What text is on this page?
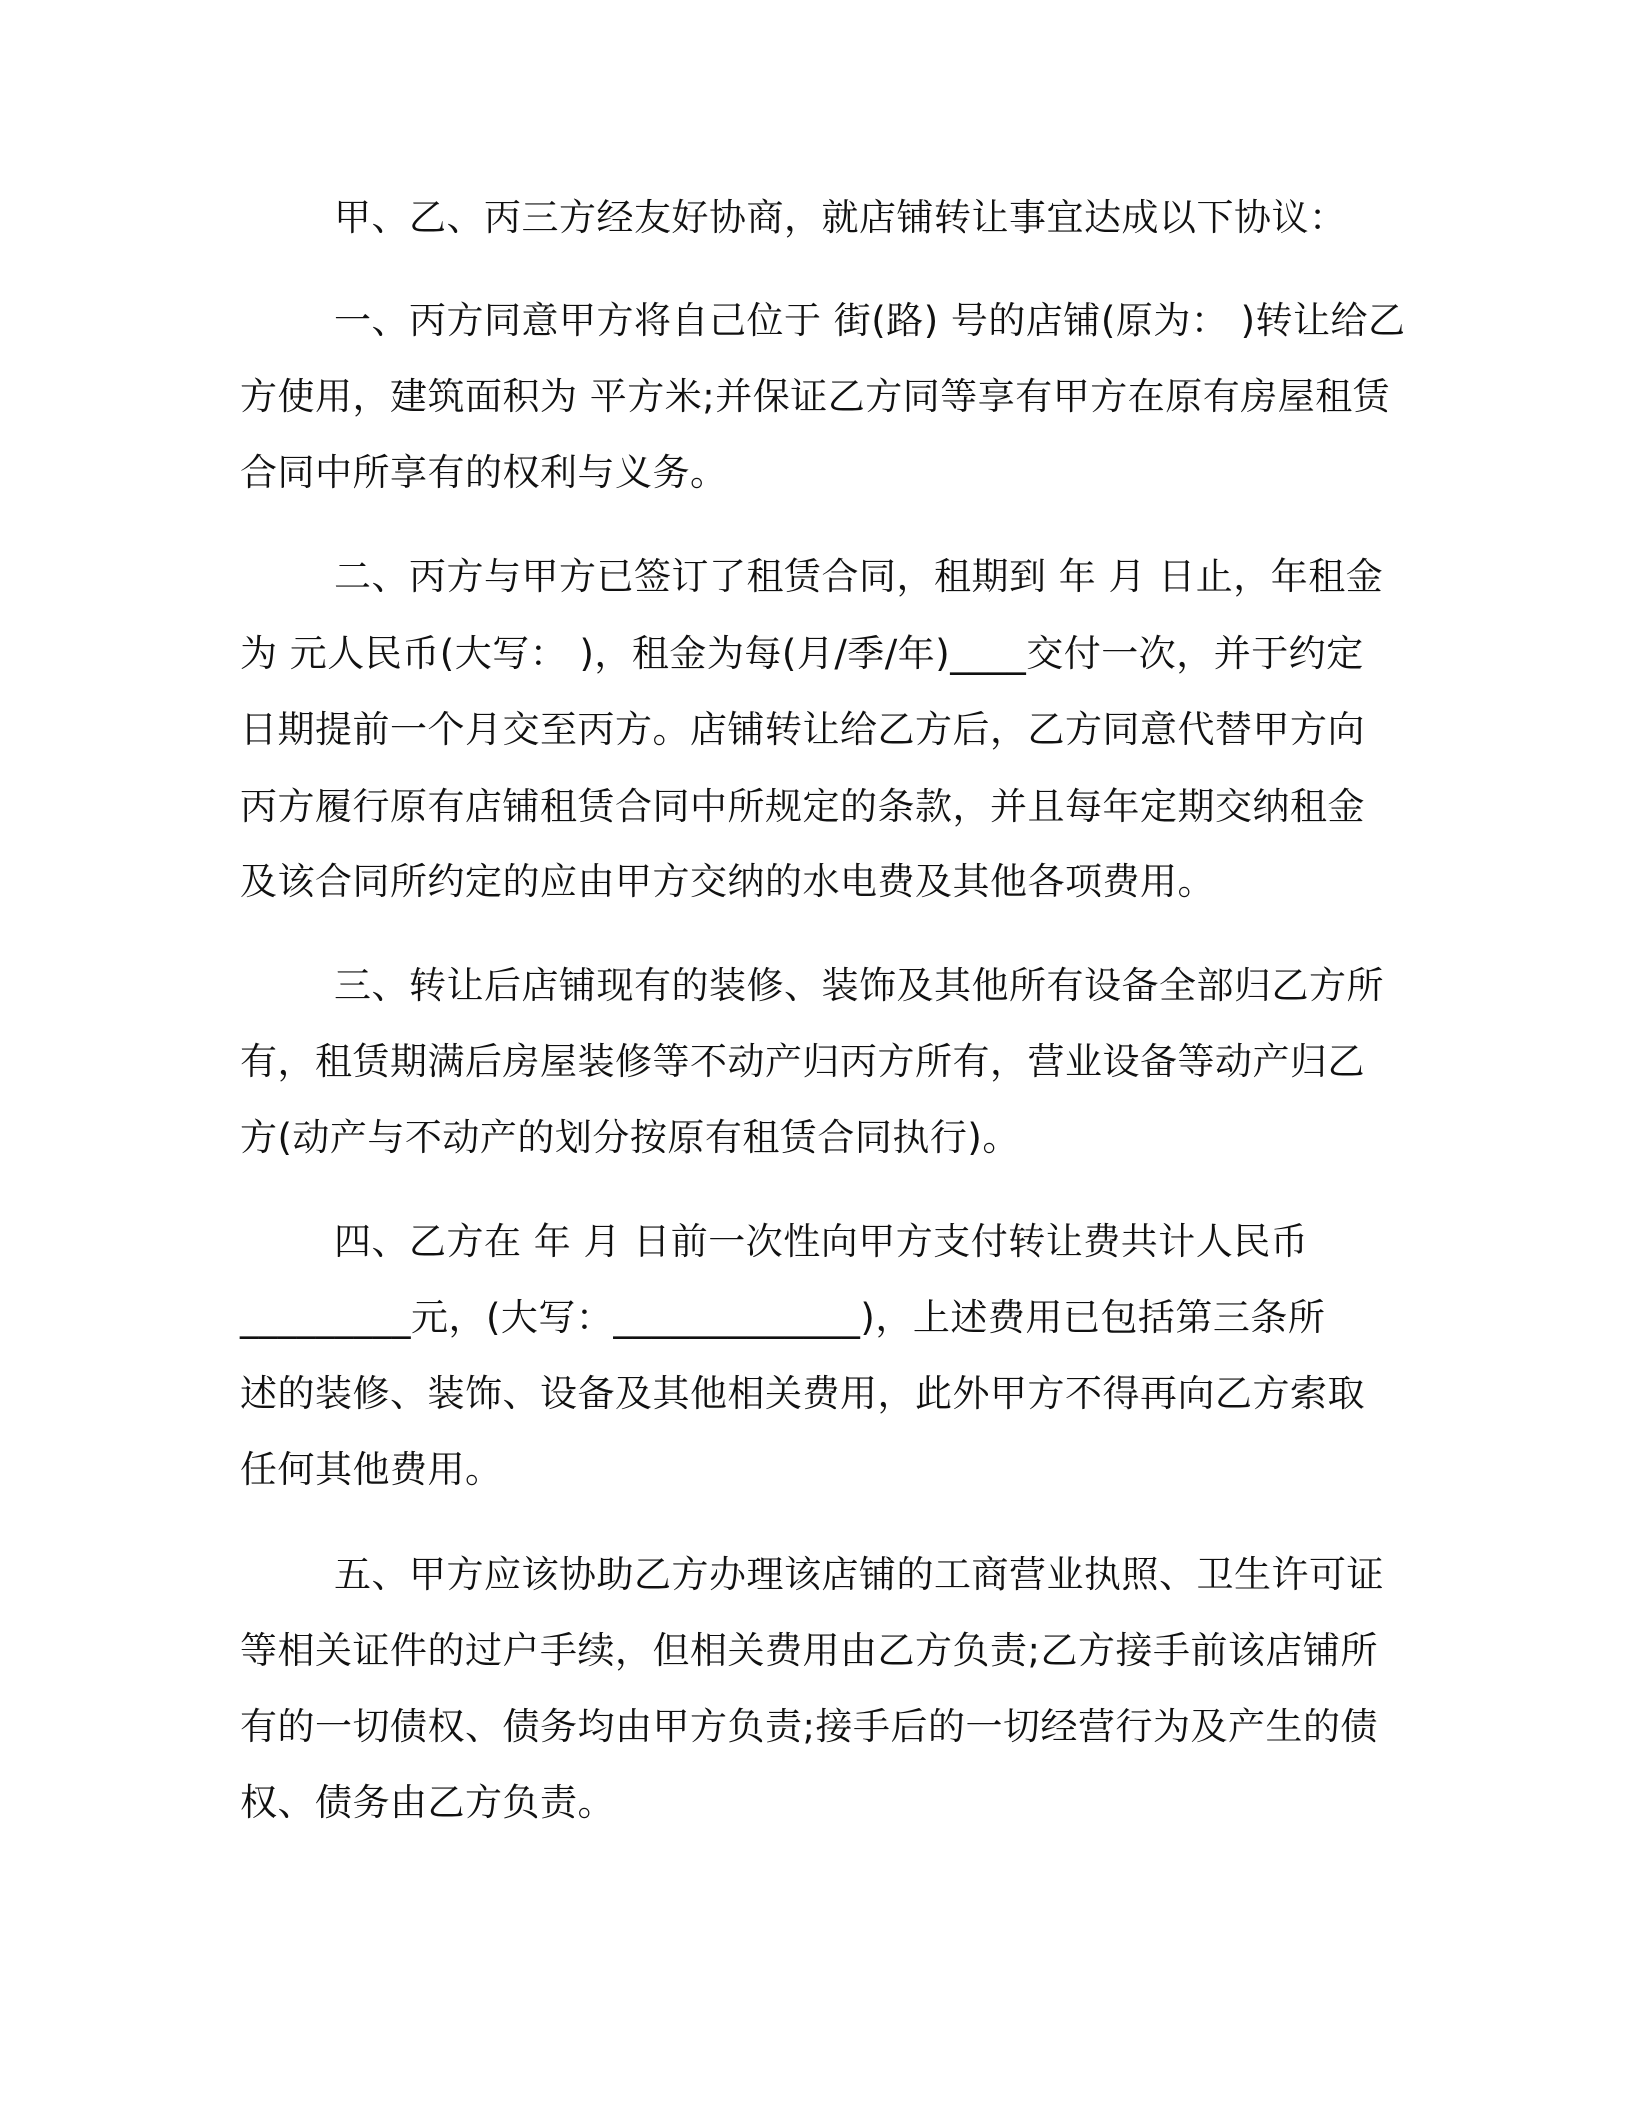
甲、乙、丙三方经友好协商，就店铺转让事宜达成以下协议：
一、丙方同意甲方将自己位于 街(路) 号的店铺(原为： )转让给乙
方使用，建筑面积为 平方米;并保证乙方同等享有甲方在原有房屋租赁
合同中所享有的权利与义务。
二、丙方与甲方已签订了租赁合同，租期到 年 月 日止，年租金
为 元人民币(大写： )，租金为每(月/季/年)____交付一次，并于约定
日期提前一个月交至丙方。店铺转让给乙方后，乙方同意代替甲方向
丙方履行原有店铺租赁合同中所规定的条款，并且每年定期交纳租金
及该合同所约定的应由甲方交纳的水电费及其他各项费用。
三、转让后店铺现有的装修、装饰及其他所有设备全部归乙方所
有，租赁期满后房屋装修等不动产归丙方所有，营业设备等动产归乙
方(动产与不动产的划分按原有租赁合同执行)。
四、乙方在 年 月 日前一次性向甲方支付转让费共计人民币
_________元，(大写：_____________)，上述费用已包括第三条所
述的装修、装饰、设备及其他相关费用，此外甲方不得再向乙方索取
任何其他费用。
五、甲方应该协助乙方办理该店铺的工商营业执照、卫生许可证
等相关证件的过户手续，但相关费用由乙方负责;乙方接手前该店铺所
有的一切债权、债务均由甲方负责;接手后的一切经营行为及产生的债
权、债务由乙方负责。
